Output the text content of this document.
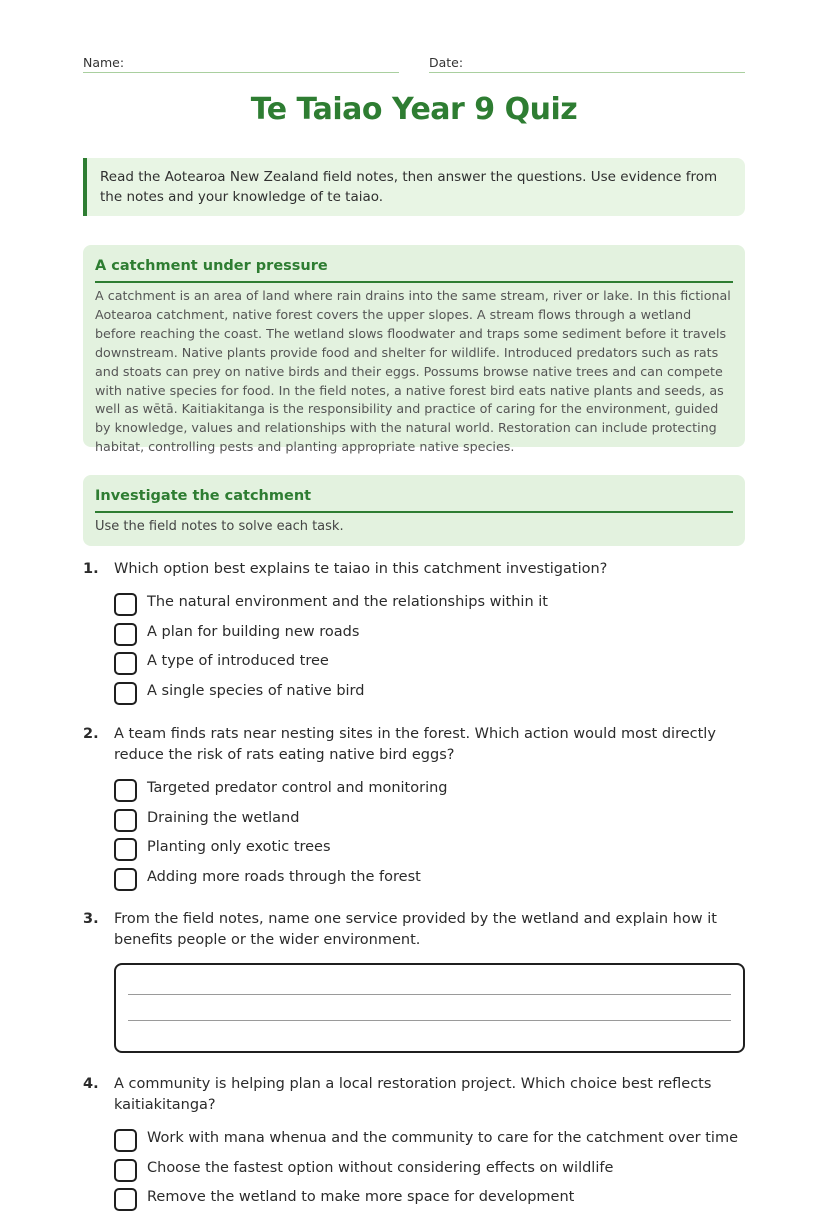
Name:	Date:
Te Taiao Year 9 Quiz
Read the Aotearoa New Zealand field notes, then answer the questions. Use evidence from the notes and your knowledge of te taiao.
A catchment under pressure

A catchment is an area of land where rain drains into the same stream, river or lake. In this fictional Aotearoa catchment, native forest covers the upper slopes. A stream flows through a wetland before reaching the coast. The wetland slows floodwater and traps some sediment before it travels downstream. Native plants provide food and shelter for wildlife. Introduced predators such as rats and stoats can prey on native birds and their eggs. Possums browse native trees and can compete with native species for food. In the field notes, a native forest bird eats native plants and seeds, as well as wētā. Kaitiakitanga is the responsibility and practice of caring for the environment, guided by knowledge, values and relationships with the natural world. Restoration can include protecting habitat, controlling pests and planting appropriate native species.

Investigate the catchment

Use the field notes to solve each task.

1. Which option best explains te taiao in this catchment investigation?

The natural environment and the relationships within it
A plan for building new roads
A type of introduced tree
A single species of native bird
2. A team finds rats near nesting sites in the forest. Which action would most directly reduce the risk of rats eating native bird eggs?

Targeted predator control and monitoring
Draining the wetland
Planting only exotic trees
Adding more roads through the forest
3. From the field notes, name one service provided by the wetland and explain how it benefits people or the wider environment.

4. A community is helping plan a local restoration project. Which choice best reflects kaitiakitanga?

Work with mana whenua and the community to care for the catchment over time
Choose the fastest option without considering effects on wildlife
Remove the wetland to make more space for development
